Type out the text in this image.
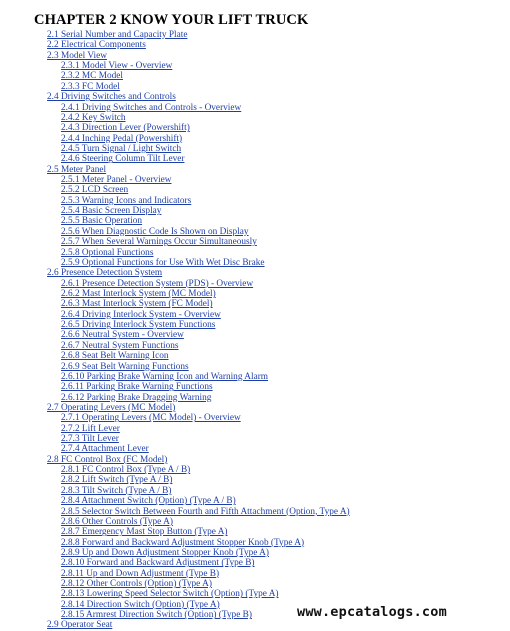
CHAPTER 2 KNOW YOUR LIFT TRUCK
2.1 Serial Number and Capacity Plate
2.2 Electrical Components
2.3 Model View
2.3.1 Model View - Overview
2.3.2 MC Model
2.3.3 FC Model
2.4 Driving Switches and Controls
2.4.1 Driving Switches and Controls - Overview
2.4.2 Key Switch
2.4.3 Direction Lever (Powershift)
2.4.4 Inching Pedal (Powershift)
2.4.5 Turn Signal / Light Switch
2.4.6 Steering Column Tilt Lever
2.5 Meter Panel
2.5.1 Meter Panel - Overview
2.5.2 LCD Screen
2.5.3 Warning Icons and Indicators
2.5.4 Basic Screen Display
2.5.5 Basic Operation
2.5.6 When Diagnostic Code Is Shown on Display
2.5.7 When Several Warnings Occur Simultaneously
2.5.8 Optional Functions
2.5.9 Optional Functions for Use With Wet Disc Brake
2.6 Presence Detection System
2.6.1 Presence Detection System (PDS) - Overview
2.6.2 Mast Interlock System (MC Model)
2.6.3 Mast Interlock System (FC Model)
2.6.4 Driving Interlock System - Overview
2.6.5 Driving Interlock System Functions
2.6.6 Neutral System - Overview
2.6.7 Neutral System Functions
2.6.8 Seat Belt Warning Icon
2.6.9 Seat Belt Warning Functions
2.6.10 Parking Brake Warning Icon and Warning Alarm
2.6.11 Parking Brake Warning Functions
2.6.12 Parking Brake Dragging Warning
2.7 Operating Levers (MC Model)
2.7.1 Operating Levers (MC Model) - Overview
2.7.2 Lift Lever
2.7.3 Tilt Lever
2.7.4 Attachment Lever
2.8 FC Control Box (FC Model)
2.8.1 FC Control Box (Type A / B)
2.8.2 Lift Switch (Type A / B)
2.8.3 Tilt Switch (Type A / B)
2.8.4 Attachment Switch (Option) (Type A / B)
2.8.5 Selector Switch Between Fourth and Fifth Attachment (Option, Type A)
2.8.6 Other Controls (Type A)
2.8.7 Emergency Mast Stop Button (Type A)
2.8.8 Forward and Backward Adjustment Stopper Knob (Type A)
2.8.9 Up and Down Adjustment Stopper Knob (Type A)
2.8.10 Forward and Backward Adjustment (Type B)
2.8.11 Up and Down Adjustment (Type B)
2.8.12 Other Controls (Option) (Type A)
2.8.13 Lowering Speed Selector Switch (Option) (Type A)
2.8.14 Direction Switch (Option) (Type A)
2.8.15 Armrest Direction Switch (Option) (Type B)
2.9 Operator Seat
www.epcatalogs.com
